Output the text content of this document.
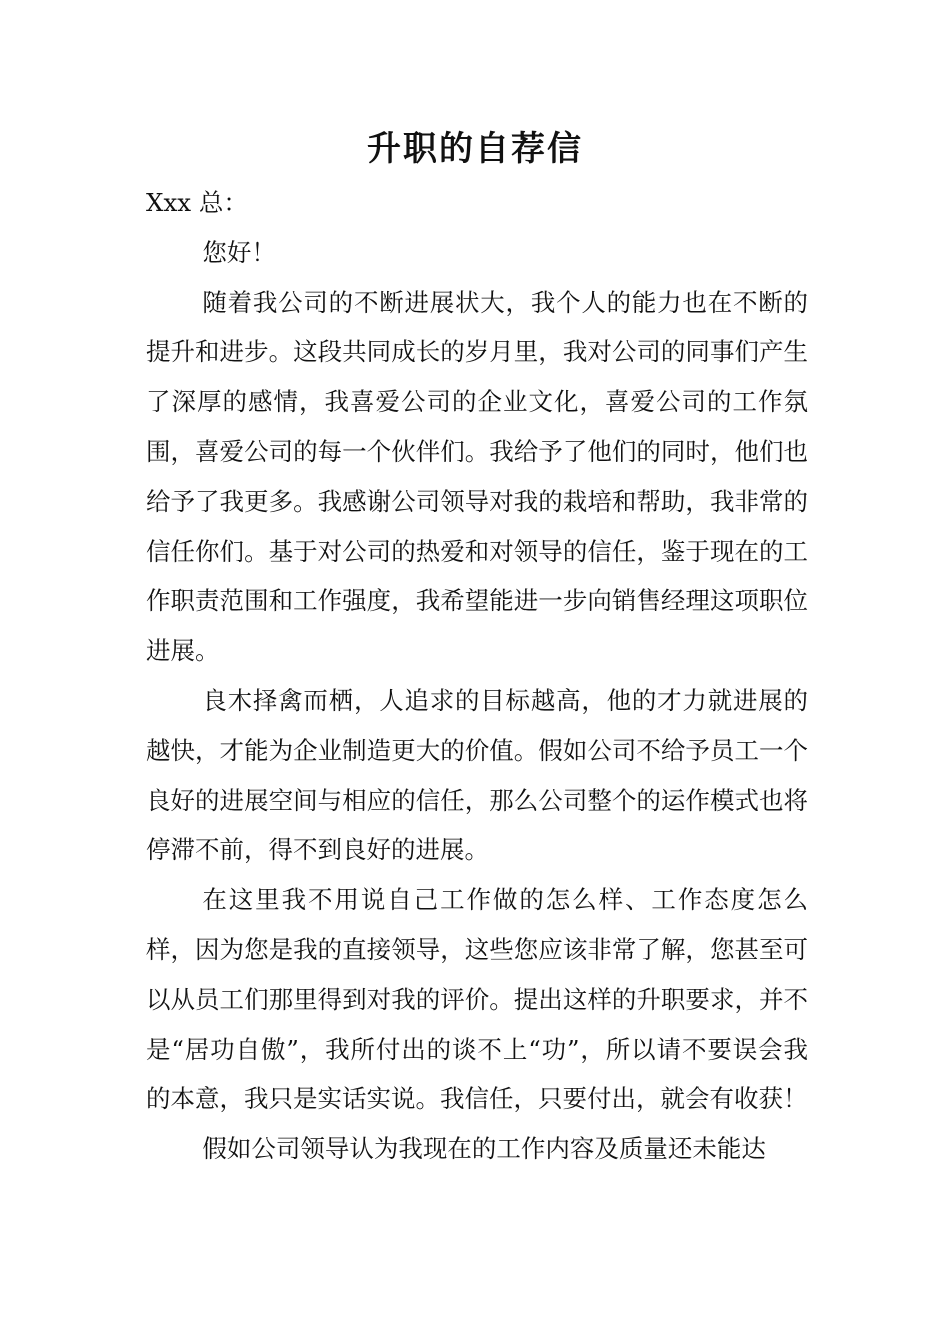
升职的自荐信

Xxx 总：

您好！

随着我公司的不断进展状大，我个人的能力也在不断的提升和进步。这段共同成长的岁月里，我对公司的同事们产生了深厚的感情，我喜爱公司的企业文化，喜爱公司的工作氛围，喜爱公司的每一个伙伴们。我给予了他们的同时，他们也给予了我更多。我感谢公司领导对我的栽培和帮助，我非常的信任你们。基于对公司的热爱和对领导的信任，鉴于现在的工作职责范围和工作强度，我希望能进一步向销售经理这项职位进展。

良木择禽而栖，人追求的目标越高，他的才力就进展的越快，才能为企业制造更大的价值。假如公司不给予员工一个良好的进展空间与相应的信任，那么公司整个的运作模式也将停滞不前，得不到良好的进展。

在这里我不用说自己工作做的怎么样、工作态度怎么样，因为您是我的直接领导，这些您应该非常了解，您甚至可以从员工们那里得到对我的评价。提出这样的升职要求，并不是“居功自傲”，我所付出的谈不上“功”，所以请不要误会我的本意，我只是实话实说。我信任，只要付出，就会有收获！

假如公司领导认为我现在的工作内容及质量还未能达
